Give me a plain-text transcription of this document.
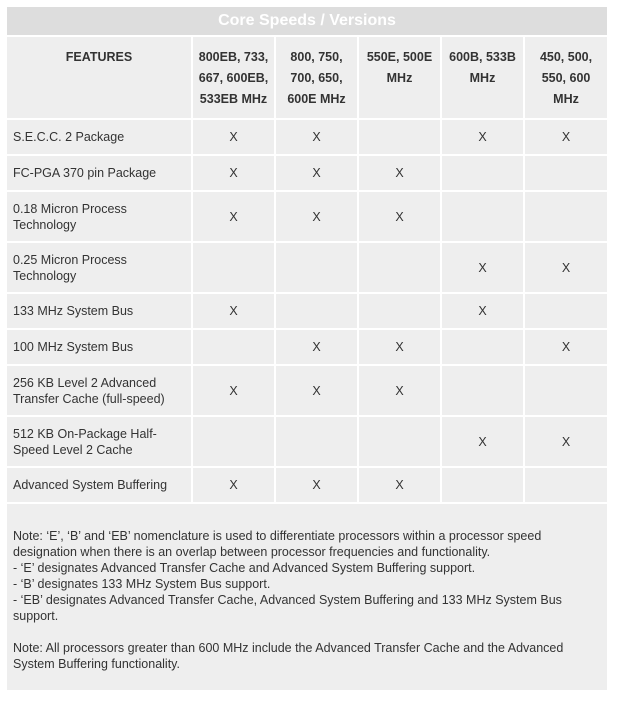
Core Speeds / Versions					
FEATURES	800EB, 733, 667, 600EB, 533EB MHz	800, 750, 700, 650, 600E MHz	550E, 500E MHz	600B, 533B MHz	450, 500, 550, 600 MHz
S.E.C.C. 2 Package	X	X		X	X
FC-PGA 370 pin Package	X	X	X		
0.18 Micron Process Technology	X	X	X		
0.25 Micron Process Technology				X	X
133 MHz System Bus	X			X	
100 MHz System Bus		X	X		X
256 KB Level 2 Advanced Transfer Cache (full-speed)	X	X	X		
512 KB On-Package Half-Speed Level 2 Cache				X	X
Advanced System Buffering	X	X	X		

Note: ‘E’, ‘B’ and ‘EB’ nomenclature is used to differentiate processors within a processor speed designation when there is an overlap between processor frequencies and functionality.
- ‘E’ designates Advanced Transfer Cache and Advanced System Buffering support.
- ‘B’ designates 133 MHz System Bus support.
- ‘EB’ designates Advanced Transfer Cache, Advanced System Buffering and 133 MHz System Bus support.
Note: All processors greater than 600 MHz include the Advanced Transfer Cache and the Advanced System Buffering functionality.					
